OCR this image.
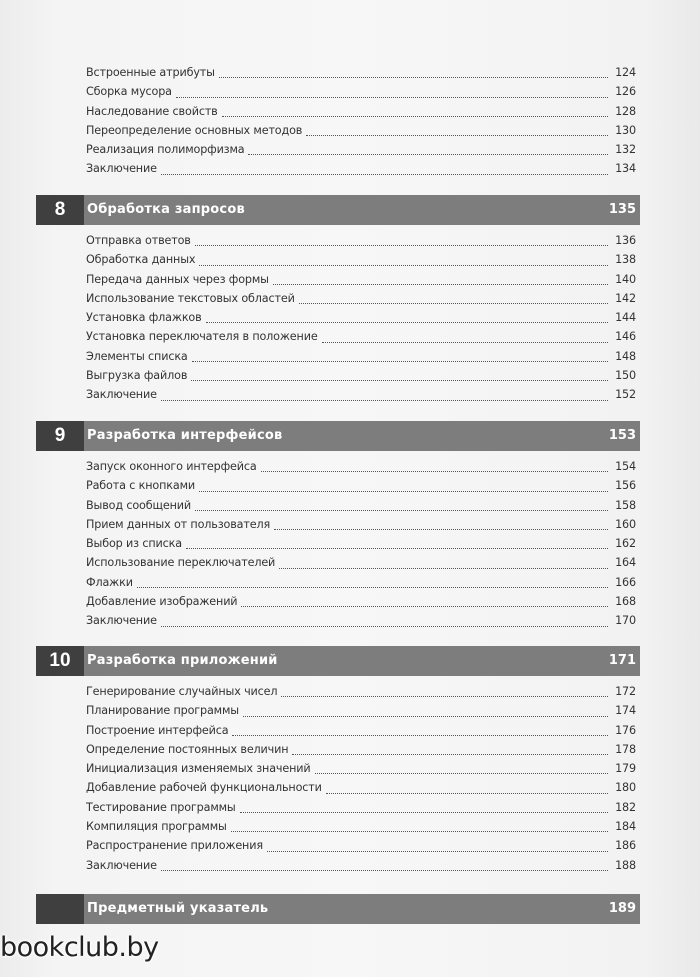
Встроенные атрибуты	124
Сборка мусора	126
Наследование свойств	128
Переопределение основных методов	130
Реализация полиморфизма	132
Заключение	134
8	Обработка запросов	135
Отправка ответов	136
Обработка данных	138
Передача данных через формы	140
Использование текстовых областей	142
Установка флажков	144
Установка переключателя в положение	146
Элементы списка	148
Выгрузка файлов	150
Заключение	152
9	Разработка интерфейсов	153
Запуск оконного интерфейса	154
Работа с кнопками	156
Вывод сообщений	158
Прием данных от пользователя	160
Выбор из списка	162
Использование переключателей	164
Флажки	166
Добавление изображений	168
Заключение	170
10	Разработка приложений	171
Генерирование случайных чисел	172
Планирование программы	174
Построение интерфейса	176
Определение постоянных величин	178
Инициализация изменяемых значений	179
Добавление рабочей функциональности	180
Тестирование программы	182
Компиляция программы	184
Распространение приложения	186
Заключение	188
Предметный указатель	189
bookclub.by
